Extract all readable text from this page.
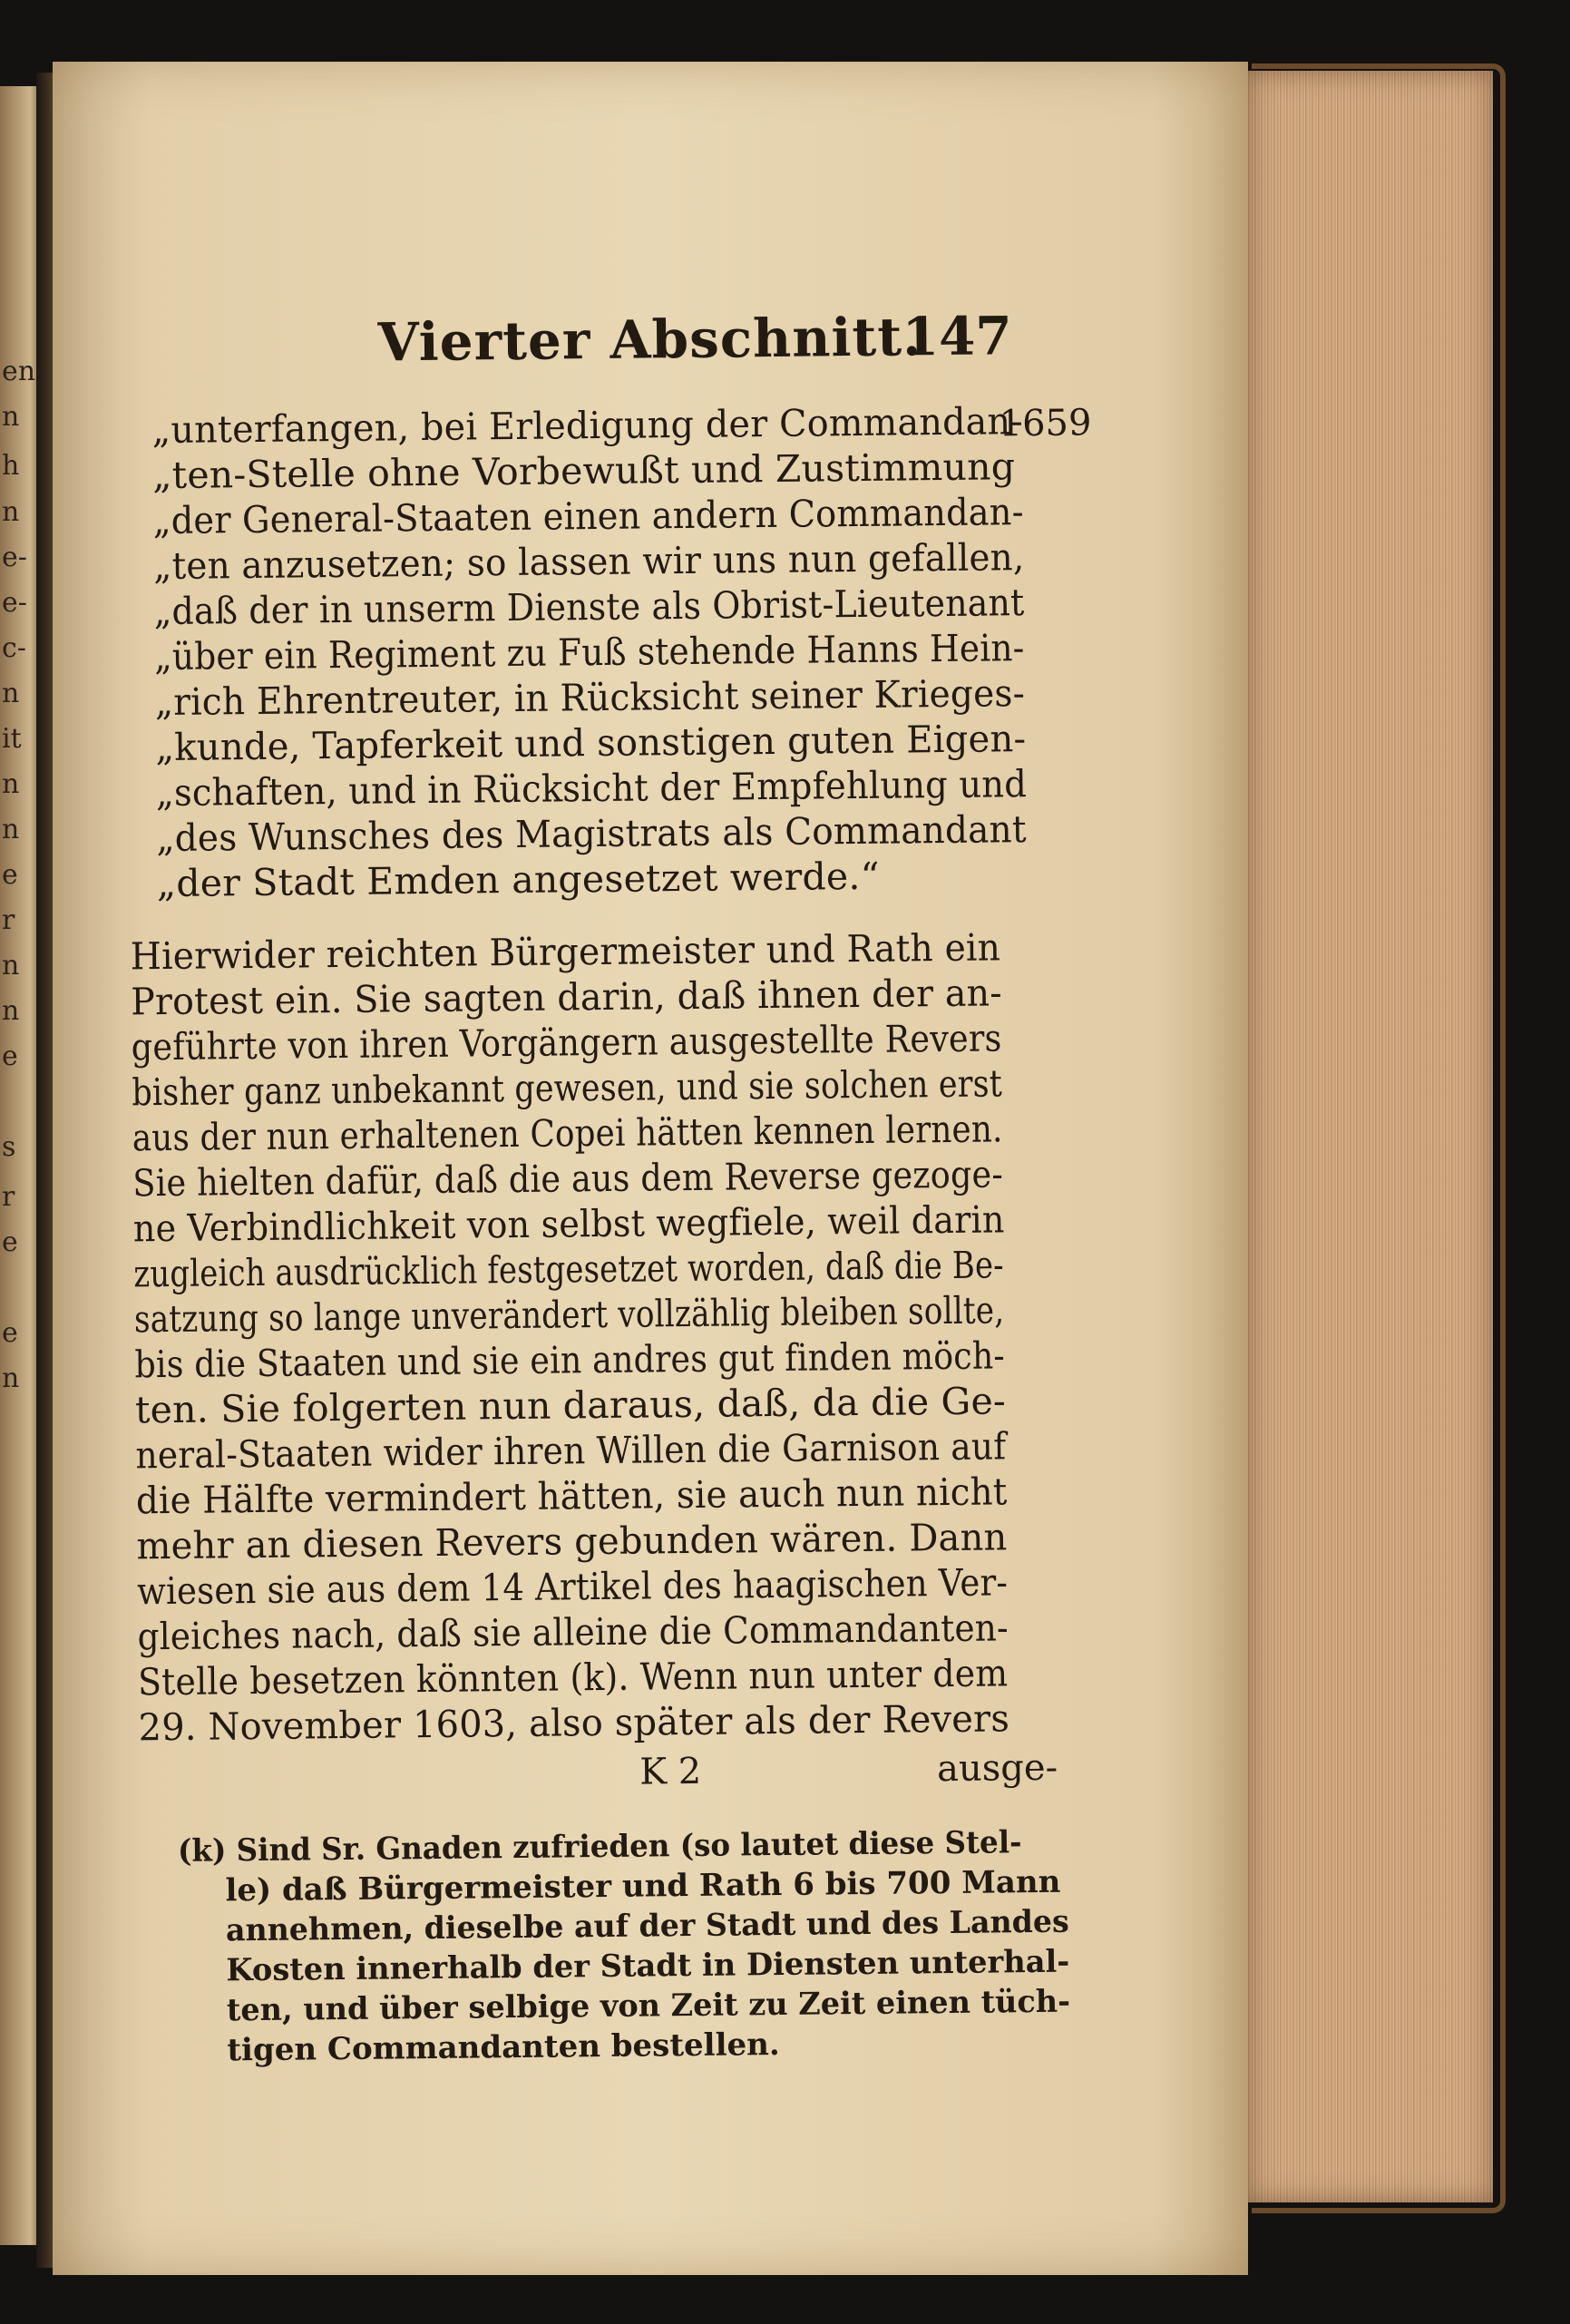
en
n
h
n
e-
e-
c-
n
it
n
n
e
r
n
n
e
s
r
e
e
n
Vierter Abschnitt.
147
1659
„unterfangen, bei Erledigung der Commandan-
„ten-Stelle ohne Vorbewußt und Zustimmung
„der General-Staaten einen andern Commandan-
„ten anzusetzen; so lassen wir uns nun gefallen,
„daß der in unserm Dienste als Obrist-Lieutenant
„über ein Regiment zu Fuß stehende Hanns Hein-
„rich Ehrentreuter, in Rücksicht seiner Krieges-
„kunde, Tapferkeit und sonstigen guten Eigen-
„schaften, und in Rücksicht der Empfehlung und
„des Wunsches des Magistrats als Commandant
„der Stadt Emden angesetzet werde.“
Hierwider reichten Bürgermeister und Rath ein
Protest ein. Sie sagten darin, daß ihnen der an-
geführte von ihren Vorgängern ausgestellte Revers
bisher ganz unbekannt gewesen, und sie solchen erst
aus der nun erhaltenen Copei hätten kennen lernen.
Sie hielten dafür, daß die aus dem Reverse gezoge-
ne Verbindlichkeit von selbst wegfiele, weil darin
zugleich ausdrücklich festgesetzet worden, daß die Be-
satzung so lange unverändert vollzählig bleiben sollte,
bis die Staaten und sie ein andres gut finden möch-
ten. Sie folgerten nun daraus, daß, da die Ge-
neral-Staaten wider ihren Willen die Garnison auf
die Hälfte vermindert hätten, sie auch nun nicht
mehr an diesen Revers gebunden wären. Dann
wiesen sie aus dem 14 Artikel des haagischen Ver-
gleiches nach, daß sie alleine die Commandanten-
Stelle besetzen könnten (k). Wenn nun unter dem
29. November 1603, also später als der Revers
K 2	ausge-
(k) Sind Sr. Gnaden zufrieden (so lautet diese Stel-
le) daß Bürgermeister und Rath 6 bis 700 Mann
annehmen, dieselbe auf der Stadt und des Landes
Kosten innerhalb der Stadt in Diensten unterhal-
ten, und über selbige von Zeit zu Zeit einen tüch-
tigen Commandanten bestellen.
